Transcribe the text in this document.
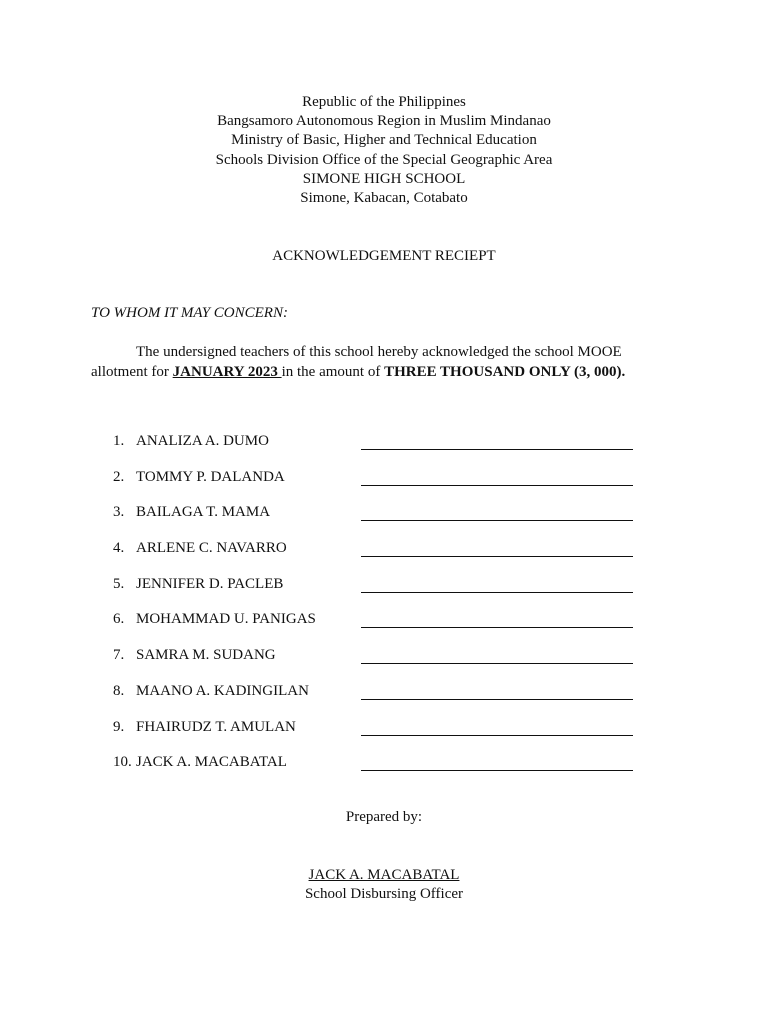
Republic of the Philippines
Bangsamoro Autonomous Region in Muslim Mindanao
Ministry of Basic, Higher and Technical Education
Schools Division Office of the Special Geographic Area
SIMONE HIGH SCHOOL
Simone, Kabacan, Cotabato
ACKNOWLEDGEMENT RECIEPT
TO WHOM IT MAY CONCERN:
The undersigned teachers of this school hereby acknowledged the school MOOE
allotment for JANUARY 2023 in the amount of THREE THOUSAND ONLY (3, 000).
1. ANALIZA A. DUMO
2. TOMMY P. DALANDA
3. BAILAGA T. MAMA
4. ARLENE C. NAVARRO
5. JENNIFER D. PACLEB
6. MOHAMMAD U. PANIGAS
7. SAMRA M. SUDANG
8. MAANO A. KADINGILAN
9. FHAIRUDZ T. AMULAN
10. JACK A. MACABATAL
Prepared by:
JACK A. MACABATAL
School Disbursing Officer
